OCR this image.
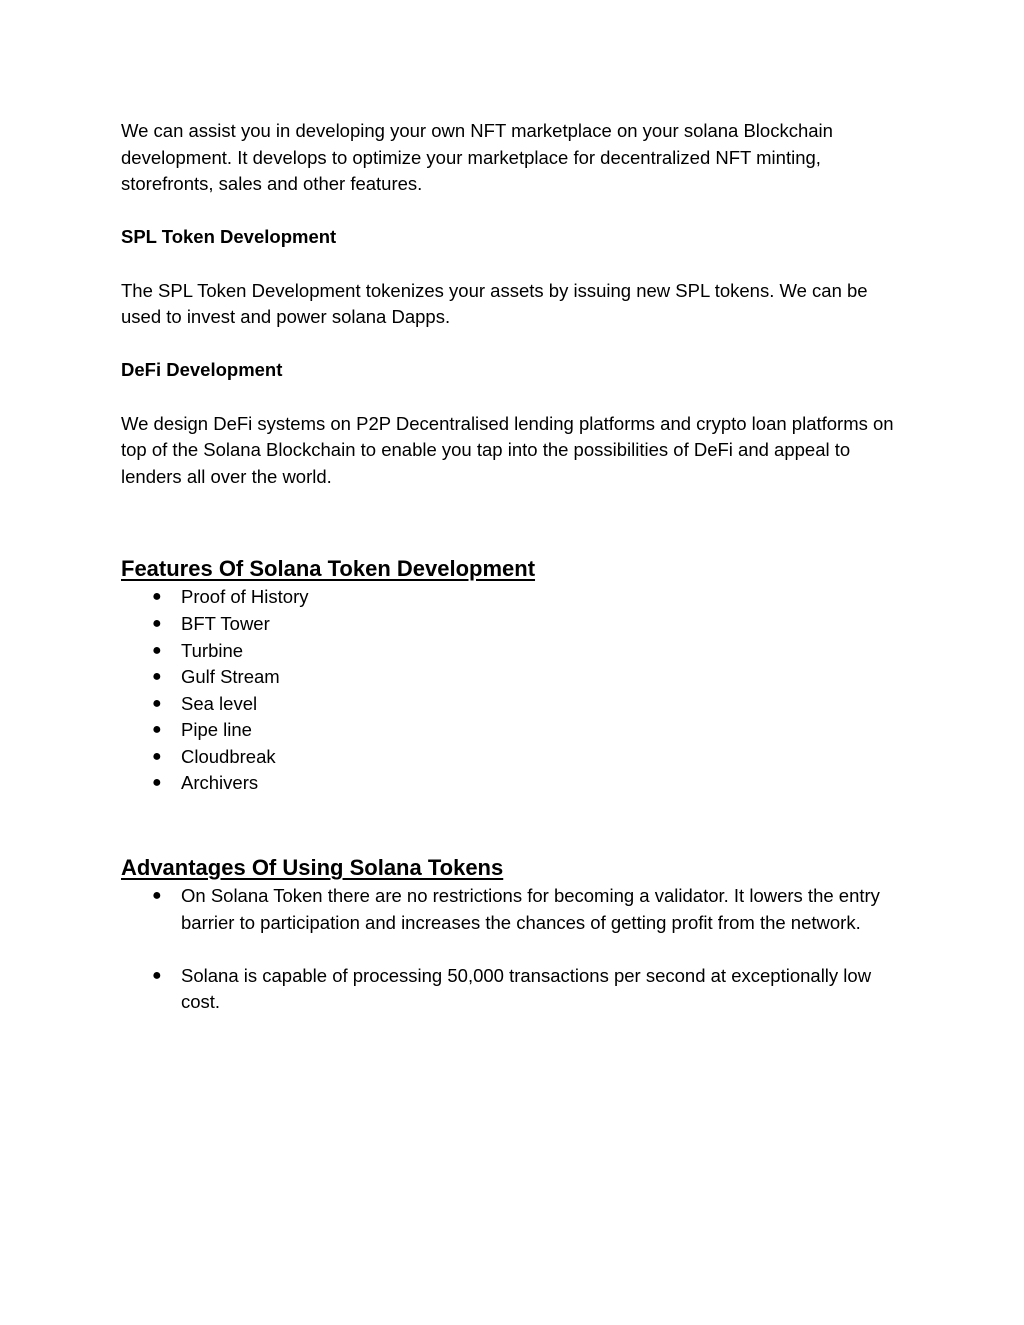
We can assist you in developing your own NFT marketplace on your solana Blockchain development. It develops to optimize your marketplace for decentralized NFT minting, storefronts, sales and other features.

SPL Token Development

The SPL Token Development tokenizes your assets by issuing new SPL tokens. We can be used to invest and power solana Dapps.

DeFi Development

We design DeFi systems on P2P Decentralised lending platforms and crypto loan platforms on top of the Solana Blockchain to enable you tap into the possibilities of DeFi and appeal to lenders all over the world.

Features Of Solana Token Development
● Proof of History
● BFT Tower
● Turbine
● Gulf Stream
● Sea level
● Pipe line
● Cloudbreak
● Archivers
Advantages Of Using Solana Tokens
● On Solana Token there are no restrictions for becoming a validator. It lowers the entry barrier to participation and increases the chances of getting profit from the network.
● Solana is capable of processing 50,000 transactions per second at exceptionally low cost.
